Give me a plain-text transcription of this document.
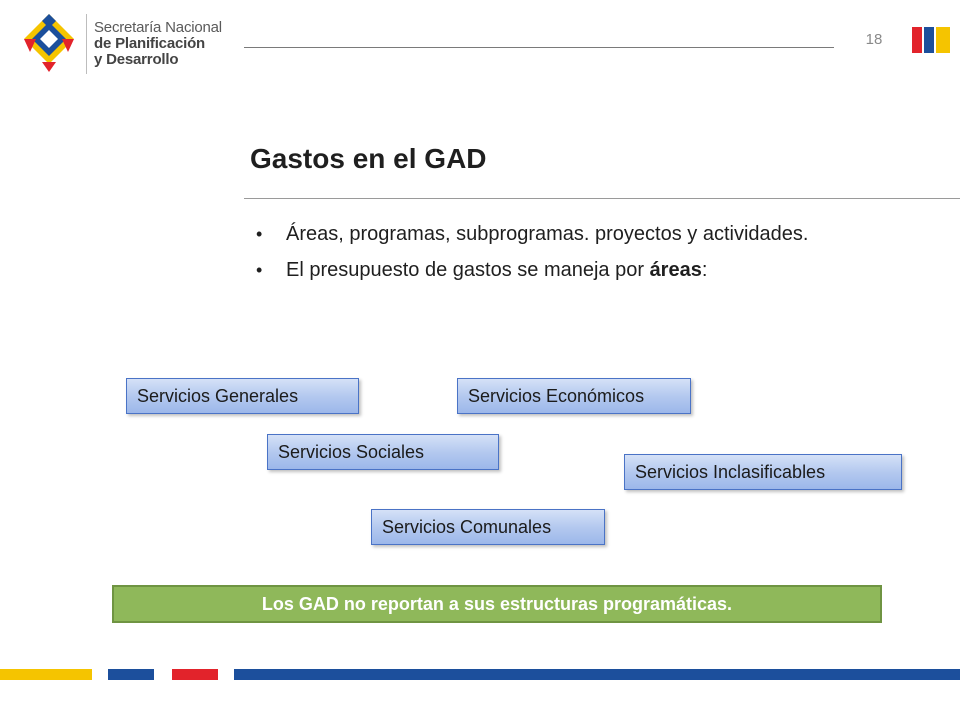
Secretaría Nacional
de Planificación
y Desarrollo
18
Gastos en el GAD
• Áreas, programas, subprogramas. proyectos y actividades.
• El presupuesto de gastos se maneja por áreas:
Servicios Generales	Servicios Económicos
Servicios Sociales
Servicios Inclasificables
Servicios Comunales
Los GAD no reportan a sus estructuras programáticas.
